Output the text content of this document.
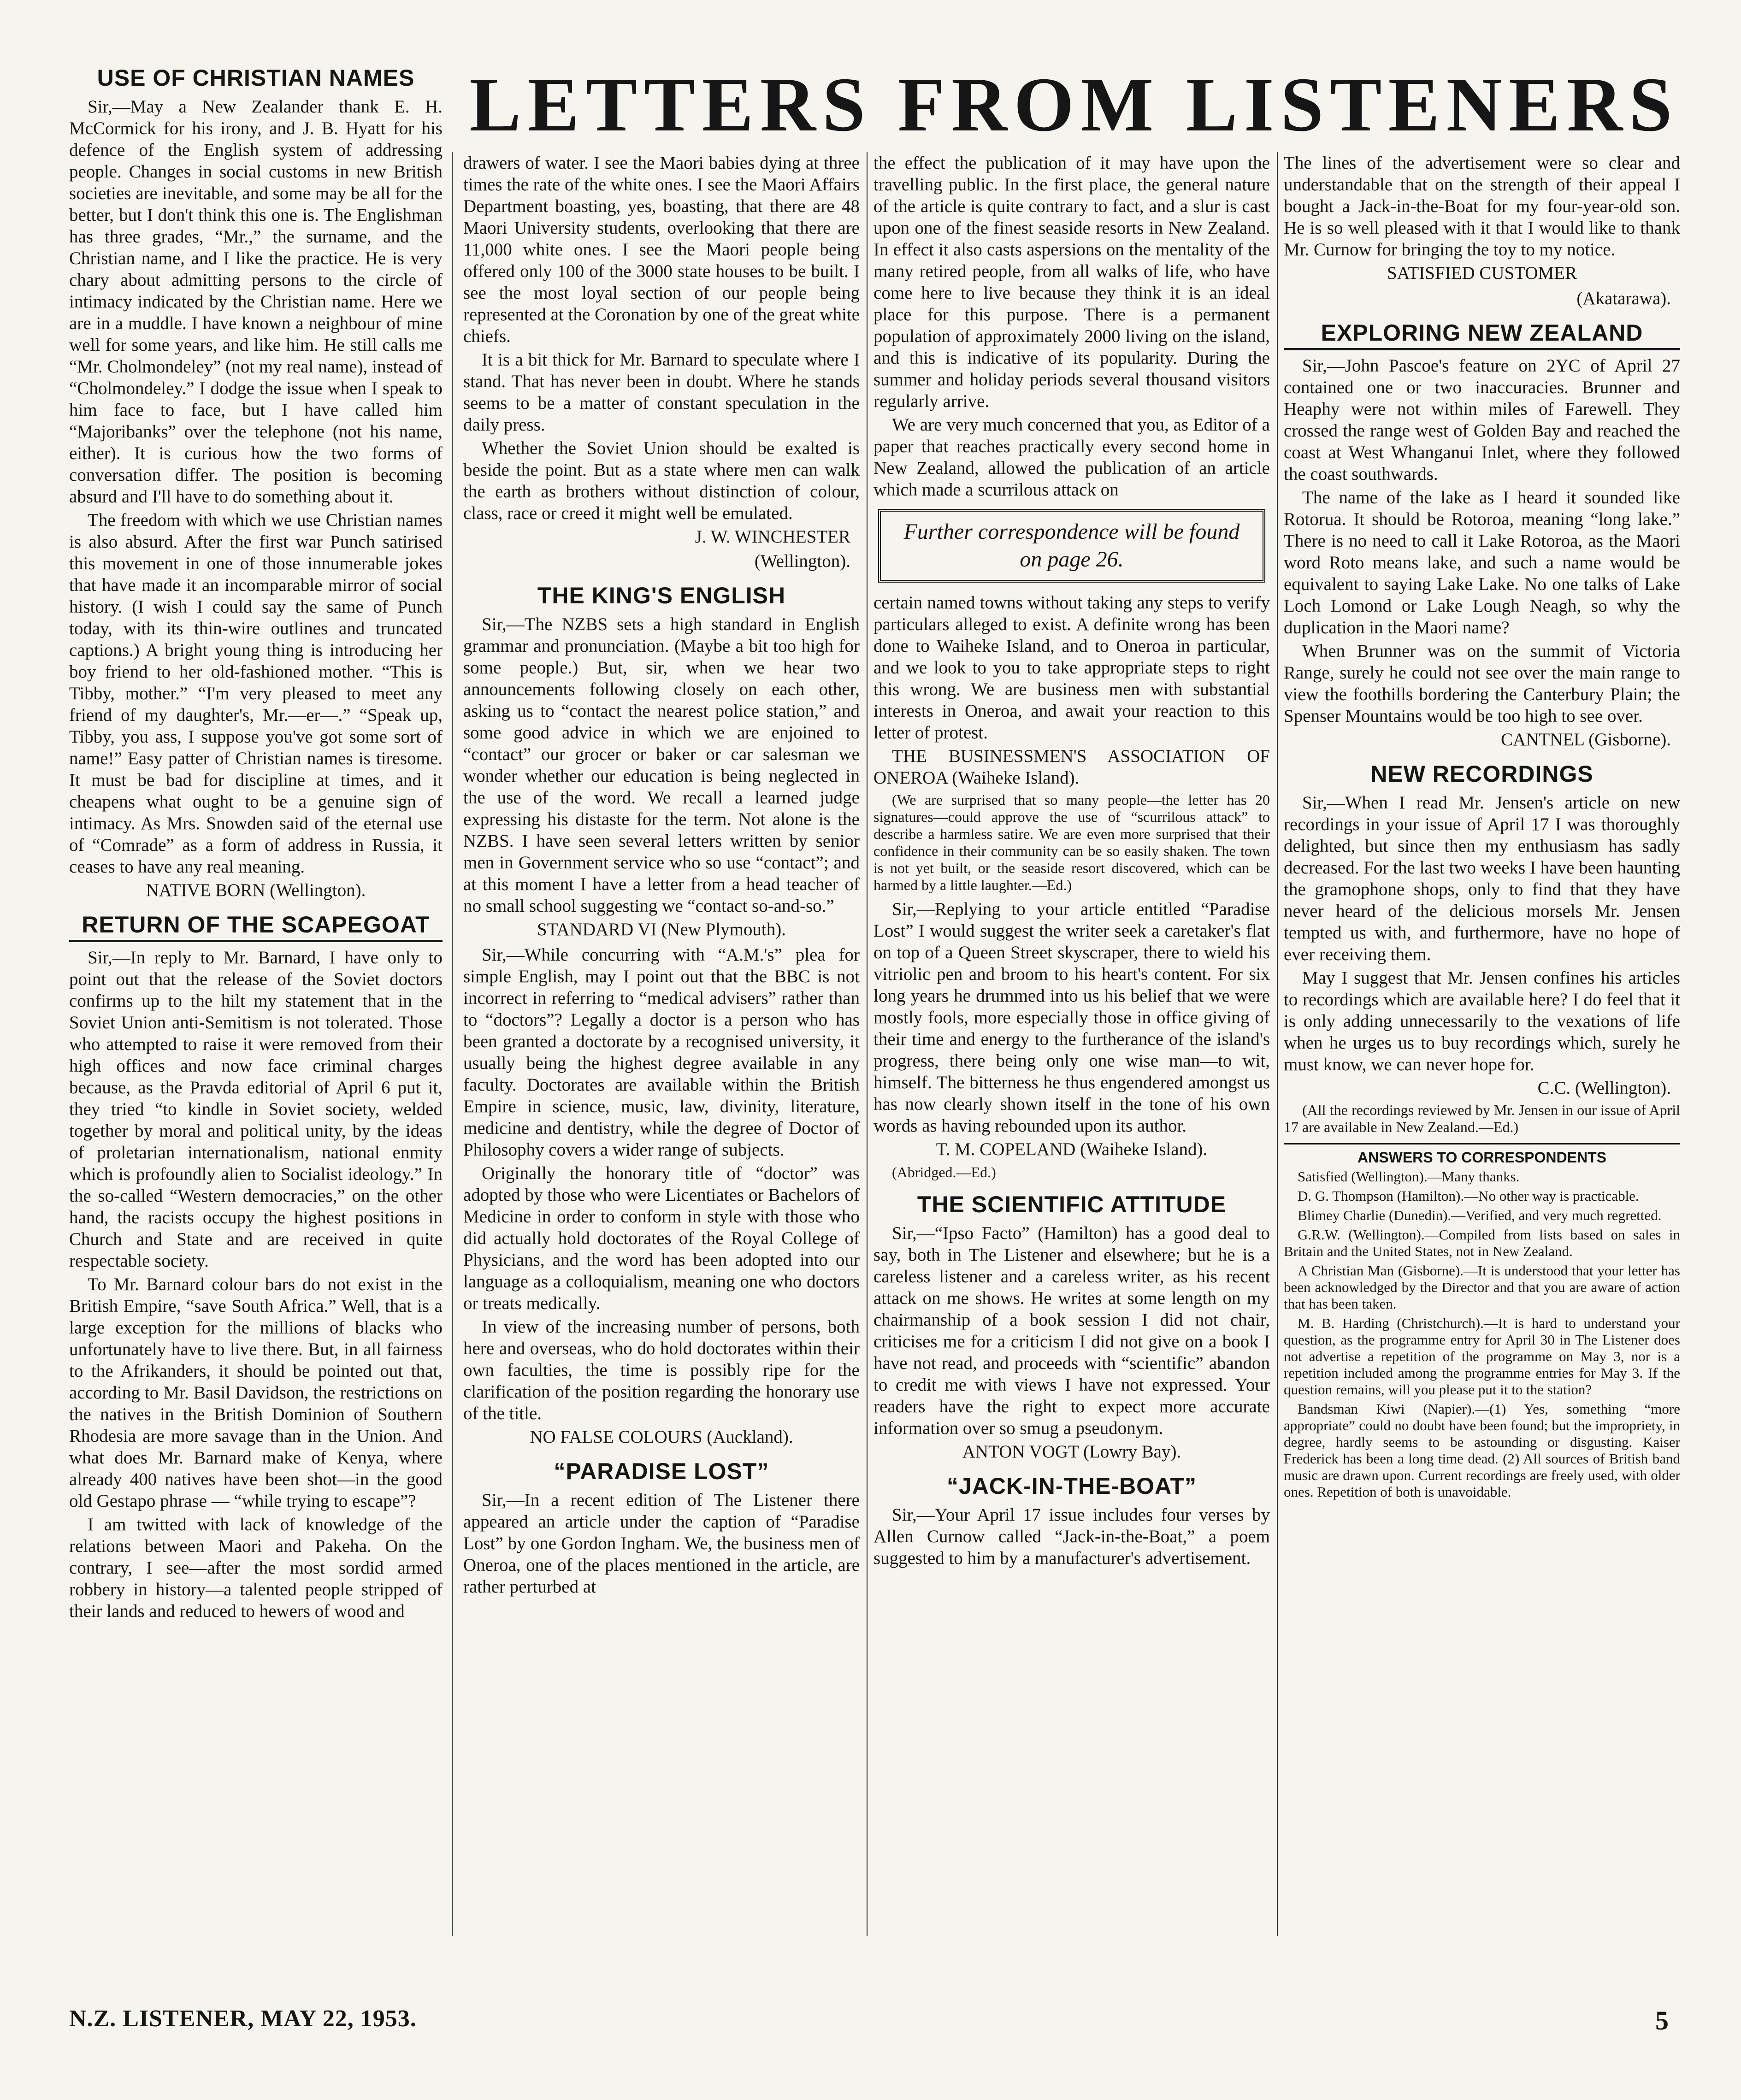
LETTERS FROM LISTENERS
USE OF CHRISTIAN NAMES

Sir,—May a New Zealander thank E. H. McCormick for his irony, and J. B. Hyatt for his defence of the English system of addressing people. Changes in social customs in new British societies are inevitable, and some may be all for the better, but I don't think this one is. The Englishman has three grades, “Mr.,” the surname, and the Christian name, and I like the practice. He is very chary about admitting persons to the circle of intimacy indicated by the Christian name. Here we are in a muddle. I have known a neighbour of mine well for some years, and like him. He still calls me “Mr. Cholmondeley” (not my real name), instead of “Cholmondeley.” I dodge the issue when I speak to him face to face, but I have called him “Majoribanks” over the telephone (not his name, either). It is curious how the two forms of conversation differ. The position is becoming absurd and I'll have to do something about it.

The freedom with which we use Christian names is also absurd. After the first war Punch satirised this movement in one of those innumerable jokes that have made it an incomparable mirror of social history. (I wish I could say the same of Punch today, with its thin-wire outlines and truncated captions.) A bright young thing is introducing her boy friend to her old-fashioned mother. “This is Tibby, mother.” “I'm very pleased to meet any friend of my daughter's, Mr.—er—.” “Speak up, Tibby, you ass, I suppose you've got some sort of name!” Easy patter of Christian names is tiresome. It must be bad for discipline at times, and it cheapens what ought to be a genuine sign of intimacy. As Mrs. Snowden said of the eternal use of “Comrade” as a form of address in Russia, it ceases to have any real meaning.

NATIVE BORN (Wellington).

RETURN OF THE SCAPEGOAT

Sir,—In reply to Mr. Barnard, I have only to point out that the release of the Soviet doctors confirms up to the hilt my statement that in the Soviet Union anti-Semitism is not tolerated. Those who attempted to raise it were removed from their high offices and now face criminal charges because, as the Pravda editorial of April 6 put it, they tried “to kindle in Soviet society, welded together by moral and political unity, by the ideas of proletarian internationalism, national enmity which is profoundly alien to Socialist ideology.” In the so-called “Western democracies,” on the other hand, the racists occupy the highest positions in Church and State and are received in quite respectable society.

To Mr. Barnard colour bars do not exist in the British Empire, “save South Africa.” Well, that is a large exception for the millions of blacks who unfortunately have to live there. But, in all fairness to the Afrikanders, it should be pointed out that, according to Mr. Basil Davidson, the restrictions on the natives in the British Dominion of Southern Rhodesia are more savage than in the Union. And what does Mr. Barnard make of Kenya, where already 400 natives have been shot—in the good old Gestapo phrase — “while trying to escape”?

I am twitted with lack of knowledge of the relations between Maori and Pakeha. On the contrary, I see—after the most sordid armed robbery in history—a talented people stripped of their lands and reduced to hewers of wood and

drawers of water. I see the Maori babies dying at three times the rate of the white ones. I see the Maori Affairs Department boasting, yes, boasting, that there are 48 Maori University students, overlooking that there are 11,000 white ones. I see the Maori people being offered only 100 of the 3000 state houses to be built. I see the most loyal section of our people being represented at the Coronation by one of the great white chiefs.

It is a bit thick for Mr. Barnard to speculate where I stand. That has never been in doubt. Where he stands seems to be a matter of constant speculation in the daily press.

Whether the Soviet Union should be exalted is beside the point. But as a state where men can walk the earth as brothers without distinction of colour, class, race or creed it might well be emulated.

J. W. WINCHESTER

(Wellington).

THE KING'S ENGLISH

Sir,—The NZBS sets a high standard in English grammar and pronunciation. (Maybe a bit too high for some people.) But, sir, when we hear two announcements following closely on each other, asking us to “contact the nearest police station,” and some good advice in which we are enjoined to “contact” our grocer or baker or car salesman we wonder whether our education is being neglected in the use of the word. We recall a learned judge expressing his distaste for the term. Not alone is the NZBS. I have seen several letters written by senior men in Government service who so use “contact”; and at this moment I have a letter from a head teacher of no small school suggesting we “contact so-and-so.”

STANDARD VI (New Plymouth).

Sir,—While concurring with “A.M.'s” plea for simple English, may I point out that the BBC is not incorrect in referring to “medical advisers” rather than to “doctors”? Legally a doctor is a person who has been granted a doctorate by a recognised university, it usually being the highest degree available in any faculty. Doctorates are available within the British Empire in science, music, law, divinity, literature, medicine and dentistry, while the degree of Doctor of Philosophy covers a wider range of subjects.

Originally the honorary title of “doctor” was adopted by those who were Licentiates or Bachelors of Medicine in order to conform in style with those who did actually hold doctorates of the Royal College of Physicians, and the word has been adopted into our language as a colloquialism, meaning one who doctors or treats medically.

In view of the increasing number of persons, both here and overseas, who do hold doctorates within their own faculties, the time is possibly ripe for the clarification of the position regarding the honorary use of the title.

NO FALSE COLOURS (Auckland).

“PARADISE LOST”

Sir,—In a recent edition of The Listener there appeared an article under the caption of “Paradise Lost” by one Gordon Ingham. We, the business men of Oneroa, one of the places mentioned in the article, are rather perturbed at

the effect the publication of it may have upon the travelling public. In the first place, the general nature of the article is quite contrary to fact, and a slur is cast upon one of the finest seaside resorts in New Zealand. In effect it also casts aspersions on the mentality of the many retired people, from all walks of life, who have come here to live because they think it is an ideal place for this purpose. There is a permanent population of approximately 2000 living on the island, and this is indicative of its popularity. During the summer and holiday periods several thousand visitors regularly arrive.

We are very much concerned that you, as Editor of a paper that reaches practically every second home in New Zealand, allowed the publication of an article which made a scurrilous attack on

Further correspondence will be found on page 26.

certain named towns without taking any steps to verify particulars alleged to exist. A definite wrong has been done to Waiheke Island, and to Oneroa in particular, and we look to you to take appropriate steps to right this wrong. We are business men with substantial interests in Oneroa, and await your reaction to this letter of protest.

THE BUSINESSMEN'S ASSOCIATION OF ONEROA (Waiheke Island).

(We are surprised that so many people—the letter has 20 signatures—could approve the use of “scurrilous attack” to describe a harmless satire. We are even more surprised that their confidence in their community can be so easily shaken. The town is not yet built, or the seaside resort discovered, which can be harmed by a little laughter.—Ed.)

Sir,—Replying to your article entitled “Paradise Lost” I would suggest the writer seek a caretaker's flat on top of a Queen Street skyscraper, there to wield his vitriolic pen and broom to his heart's content. For six long years he drummed into us his belief that we were mostly fools, more especially those in office giving of their time and energy to the furtherance of the island's progress, there being only one wise man—to wit, himself. The bitterness he thus engendered amongst us has now clearly shown itself in the tone of his own words as having rebounded upon its author.

T. M. COPELAND (Waiheke Island).

(Abridged.—Ed.)

THE SCIENTIFIC ATTITUDE

Sir,—“Ipso Facto” (Hamilton) has a good deal to say, both in The Listener and elsewhere; but he is a careless listener and a careless writer, as his recent attack on me shows. He writes at some length on my chairmanship of a book session I did not chair, criticises me for a criticism I did not give on a book I have not read, and proceeds with “scientific” abandon to credit me with views I have not expressed. Your readers have the right to expect more accurate information over so smug a pseudonym.

ANTON VOGT (Lowry Bay).

“JACK-IN-THE-BOAT”

Sir,—Your April 17 issue includes four verses by Allen Curnow called “Jack-in-the-Boat,” a poem suggested to him by a manufacturer's advertisement.

The lines of the advertisement were so clear and understandable that on the strength of their appeal I bought a Jack-in-the-Boat for my four-year-old son. He is so well pleased with it that I would like to thank Mr. Curnow for bringing the toy to my notice.

SATISFIED CUSTOMER

(Akatarawa).

EXPLORING NEW ZEALAND

Sir,—John Pascoe's feature on 2YC of April 27 contained one or two inaccuracies. Brunner and Heaphy were not within miles of Farewell. They crossed the range west of Golden Bay and reached the coast at West Whanganui Inlet, where they followed the coast southwards.

The name of the lake as I heard it sounded like Rotorua. It should be Rotoroa, meaning “long lake.” There is no need to call it Lake Rotoroa, as the Maori word Roto means lake, and such a name would be equivalent to saying Lake Lake. No one talks of Lake Loch Lomond or Lake Lough Neagh, so why the duplication in the Maori name?

When Brunner was on the summit of Victoria Range, surely he could not see over the main range to view the foothills bordering the Canterbury Plain; the Spenser Mountains would be too high to see over.

CANTNEL (Gisborne).

NEW RECORDINGS

Sir,—When I read Mr. Jensen's article on new recordings in your issue of April 17 I was thoroughly delighted, but since then my enthusiasm has sadly decreased. For the last two weeks I have been haunting the gramophone shops, only to find that they have never heard of the delicious morsels Mr. Jensen tempted us with, and furthermore, have no hope of ever receiving them.

May I suggest that Mr. Jensen confines his articles to recordings which are available here? I do feel that it is only adding unnecessarily to the vexations of life when he urges us to buy recordings which, surely he must know, we can never hope for.

C.C. (Wellington).

(All the recordings reviewed by Mr. Jensen in our issue of April 17 are available in New Zealand.—Ed.)

ANSWERS TO CORRESPONDENTS

Satisfied (Wellington).—Many thanks.

D. G. Thompson (Hamilton).—No other way is practicable.

Blimey Charlie (Dunedin).—Verified, and very much regretted.

G.R.W. (Wellington).—Compiled from lists based on sales in Britain and the United States, not in New Zealand.

A Christian Man (Gisborne).—It is understood that your letter has been acknowledged by the Director and that you are aware of action that has been taken.

M. B. Harding (Christchurch).—It is hard to understand your question, as the programme entry for April 30 in The Listener does not advertise a repetition of the programme on May 3, nor is a repetition included among the programme entries for May 3. If the question remains, will you please put it to the station?

Bandsman Kiwi (Napier).—(1) Yes, something “more appropriate” could no doubt have been found; but the impropriety, in degree, hardly seems to be astounding or disgusting. Kaiser Frederick has been a long time dead. (2) All sources of British band music are drawn upon. Current recordings are freely used, with older ones. Repetition of both is unavoidable.

N.Z. LISTENER, MAY 22, 1953.	5
